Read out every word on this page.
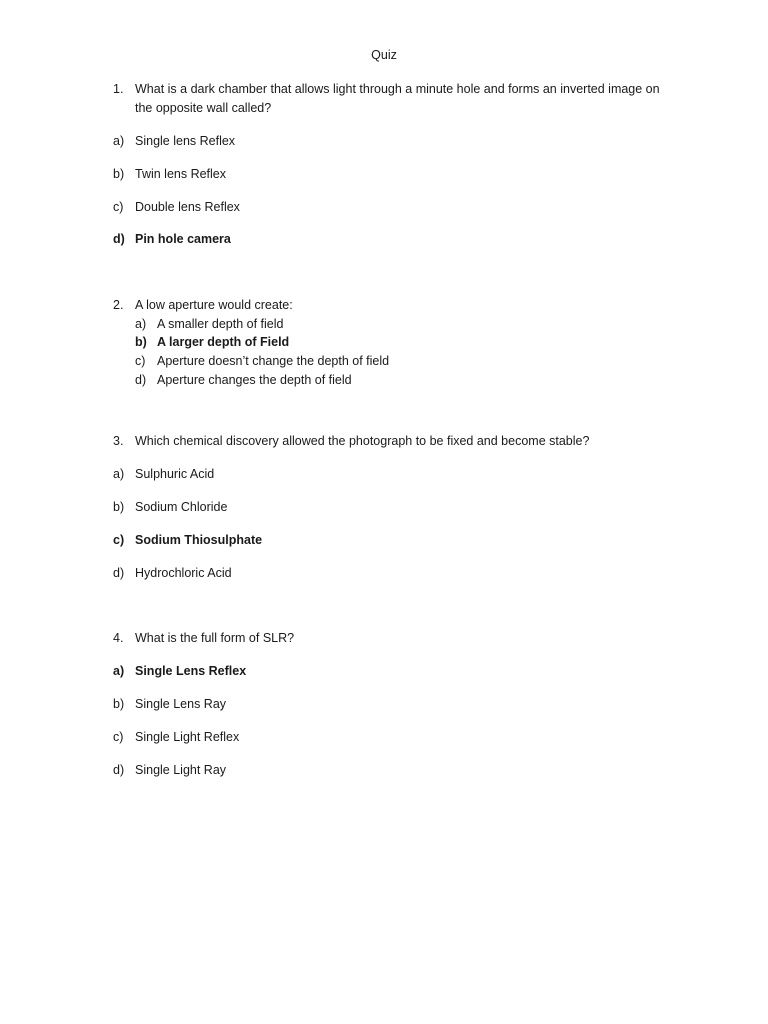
Quiz
1. What is a dark chamber that allows light through a minute hole and forms an inverted image on the opposite wall called?
a) Single lens Reflex
b) Twin lens Reflex
c) Double lens Reflex
d) Pin hole camera
2. A low aperture would create:
a) A smaller depth of field
b) A larger depth of Field
c) Aperture doesn’t change the depth of field
d) Aperture changes the depth of field
3. Which chemical discovery allowed the photograph to be fixed and become stable?
a) Sulphuric Acid
b) Sodium Chloride
c) Sodium Thiosulphate
d) Hydrochloric Acid
4. What is the full form of SLR?
a) Single Lens Reflex
b) Single Lens Ray
c) Single Light Reflex
d) Single Light Ray
